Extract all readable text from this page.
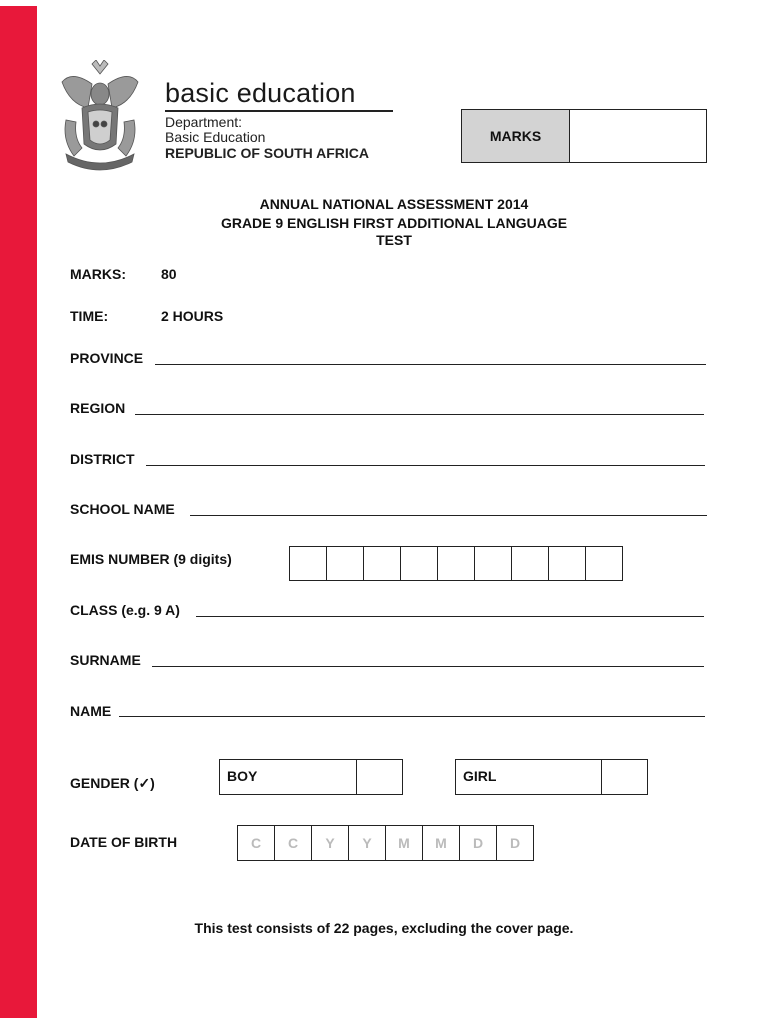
basic education
Department:
Basic Education
REPUBLIC OF SOUTH AFRICA
MARKS
ANNUAL NATIONAL ASSESSMENT 2014
GRADE 9 ENGLISH FIRST ADDITIONAL LANGUAGE
TEST
MARKS:	80
TIME:	2 HOURS
PROVINCE
REGION
DISTRICT
SCHOOL NAME
EMIS NUMBER (9 digits)
CLASS (e.g. 9 A)
SURNAME
NAME
GENDER (✓)	BOY	GIRL
DATE OF BIRTH	C	C	Y	Y	M	M	D	D
This test consists of 22 pages, excluding the cover page.
